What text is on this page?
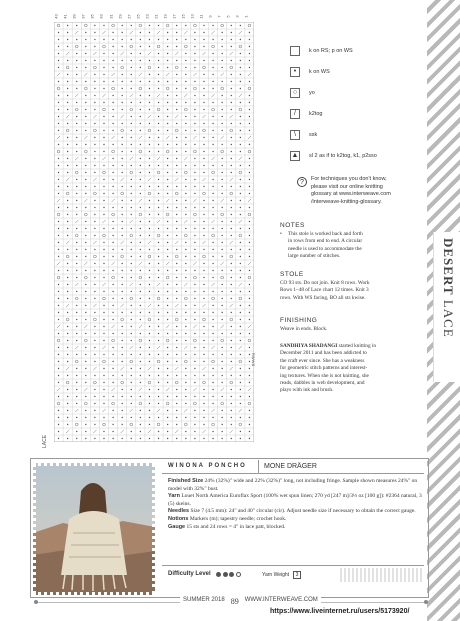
DESERT LACE
43 41 39 37 35 33 31 29 27 25 23 21 19 17 15 13 11 9 7 5 3 1
LACE
RS/WS
k on RS; p on WS
•	k on WS
○	yo
/	k2tog
\	ssk
▲ sl 2 as if to k2tog, k1, p2sso
?	For techniques you don't know,
please visit our online knitting
glossary at www.interweave.com
/interweave-knitting-glossary.
NOTES
This stole is worked back and forth
•
in rows from end to end. A circular
needle is used to accommodate the
large number of stitches.
STOLE
CO 93 sts. Do not join. Knit 8 rows. Work
Rows 1–48 of Lace chart 12 times. Knit 3
rows. With WS facing, BO all sts kwise.
FINISHING
Weave in ends. Block.
SANDHIYA SHADANGI started knitting in
December 2011 and has been addicted to
the craft ever since. She has a weakness
for geometric stitch patterns and interest-
ing textures. When she is not knitting, she
reads, dabbles in web development, and
plays with ink and brush.
WINONA PONCHO MONE DRÄGER
Finished Size 24% (32%)" wide and 22% (32%)" long, not including fringe. Sample shown measures 24%" on model with 32%" bust.
Yarn Louet North America Euroflax Sport (100% wet spun linen; 270 yd [247 m]/3⅓ oz [100 g]): #2364 natural, 3 (5) skeins.
Needles Size 7 (4.5 mm): 24" and 40" circular (cir). Adjust needle size if necessary to obtain the correct gauge.
Notions Markers (m); tapestry needle; crochet hook.
Gauge 15 sts and 24 rows = 4" in lace patt, blocked.
Difficulty Level	Yarn Weight	3
SUMMER 2018 89 WWW.INTERWEAVE.COM
https://www.liveinternet.ru/users/5173920/
